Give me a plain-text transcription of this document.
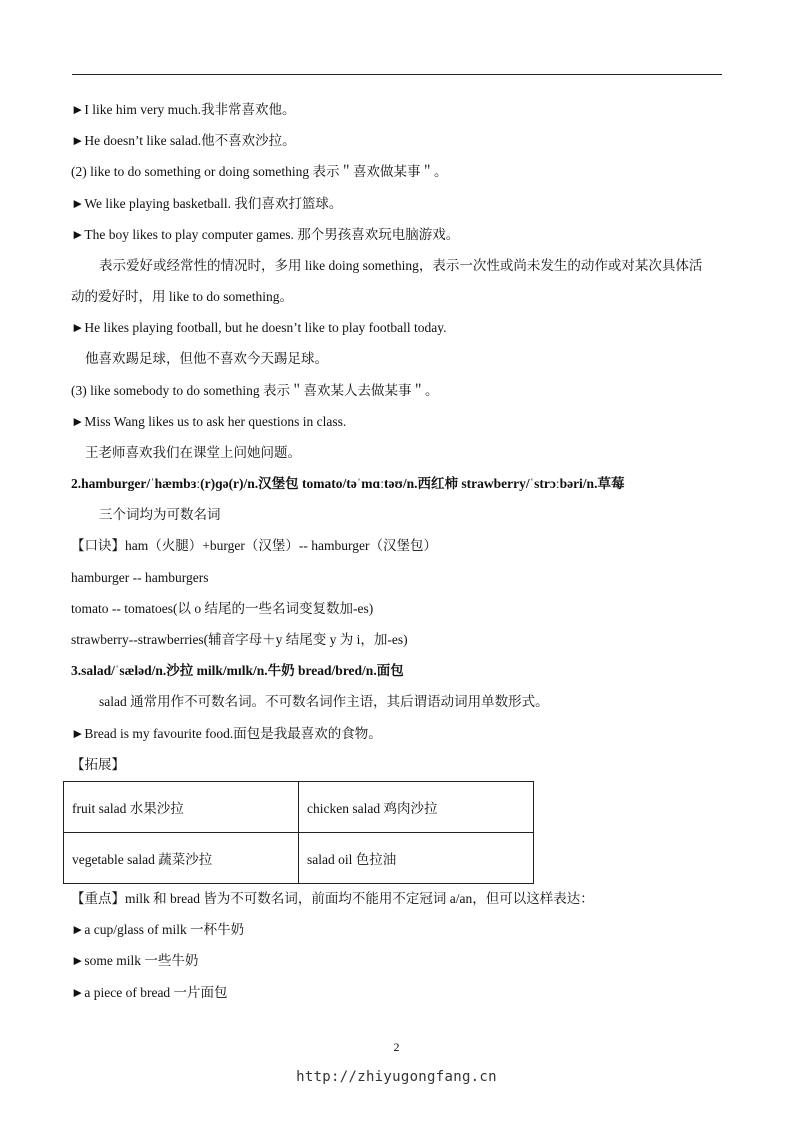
►I like him very much.我非常喜欢他。
►He doesn’t like salad.他不喜欢沙拉。
(2) like to do something or doing something 表示＂喜欢做某事＂。
►We like playing basketball. 我们喜欢打篮球。
►The boy likes to play computer games. 那个男孩喜欢玩电脑游戏。
表示爱好或经常性的情况时，多用 like doing something，表示一次性或尚未发生的动作或对某次具体活
动的爱好时，用 like to do something。
►He likes playing football, but he doesn’t like to play football today.
他喜欢踢足球，但他不喜欢今天踢足球。
(3) like somebody to do something 表示＂喜欢某人去做某事＂。
►Miss Wang likes us to ask her questions in class.
王老师喜欢我们在课堂上问她问题。
2.hamburger/ˈhæmbɜː(r)ɡə(r)/n.汉堡包 tomato/təˈmɑːtəʊ/n.西红柿 strawberry/ˈstrɔːbəri/n.草莓
三个词均为可数名词
【口诀】ham（火腿）+burger（汉堡）-- hamburger（汉堡包）
hamburger -- hamburgers
tomato -- tomatoes(以 o 结尾的一些名词变复数加-es)
strawberry--strawberries(辅音字母＋y 结尾变 y 为 i，加-es)
3.salad/ˈsæləd/n.沙拉 milk/mɪlk/n.牛奶 bread/bred/n.面包
salad 通常用作不可数名词。不可数名词作主语，其后谓语动词用单数形式。
►Bread is my favourite food.面包是我最喜欢的食物。
【拓展】
fruit salad 水果沙拉	chicken salad 鸡肉沙拉
vegetable salad 蔬菜沙拉	salad oil 色拉油
【重点】milk 和 bread 皆为不可数名词，前面均不能用不定冠词 a/an，但可以这样表达：
►a cup/glass of milk 一杯牛奶
►some milk 一些牛奶
►a piece of bread 一片面包
2
http://zhiyugongfang.cn
